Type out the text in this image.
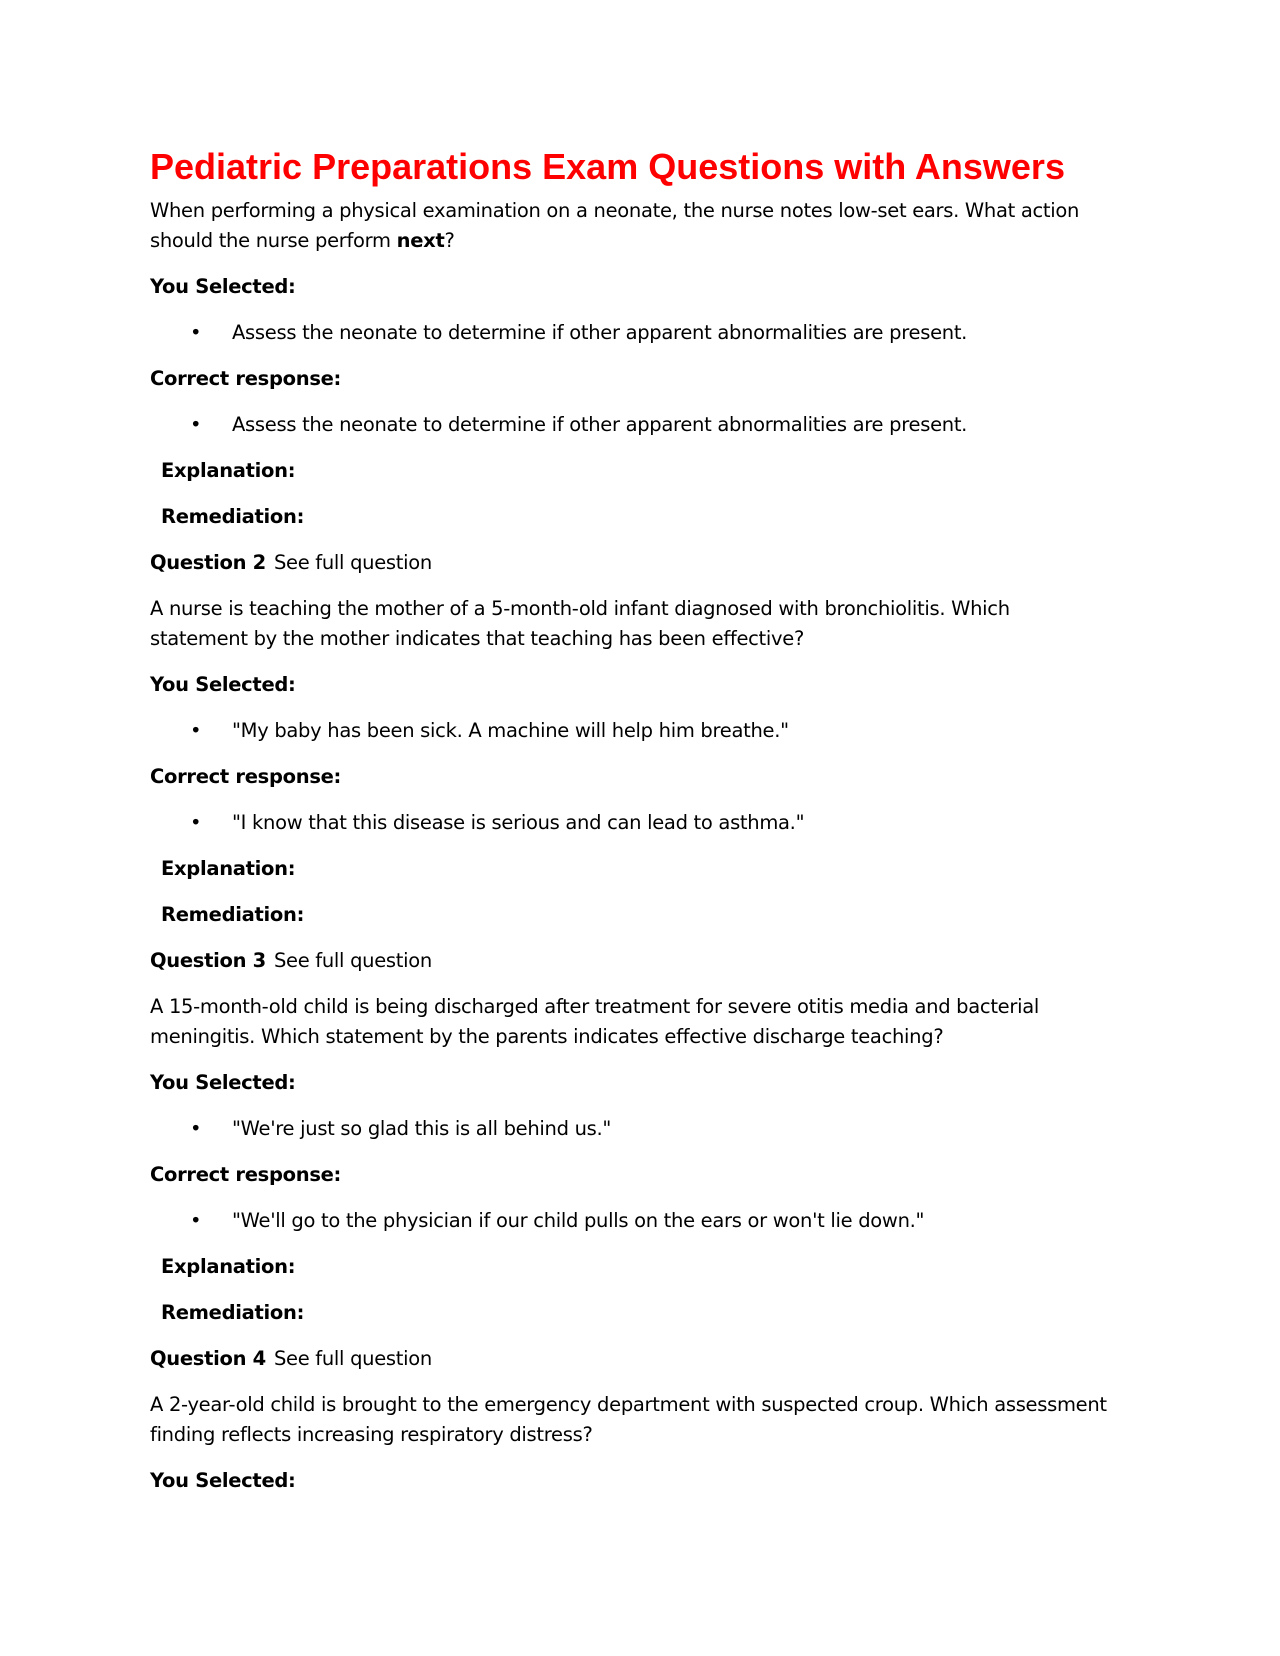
Pediatric Preparations Exam Questions with Answers

When performing a physical examination on a neonate, the nurse notes low-set ears. What action should the nurse perform next?

You Selected:

• Assess the neonate to determine if other apparent abnormalities are present.

Correct response:

• Assess the neonate to determine if other apparent abnormalities are present.

Explanation:

Remediation:

Question 2 See full question

A nurse is teaching the mother of a 5-month-old infant diagnosed with bronchiolitis. Which statement by the mother indicates that teaching has been effective?

You Selected:

• "My baby has been sick. A machine will help him breathe."

Correct response:

• "I know that this disease is serious and can lead to asthma."

Explanation:

Remediation:

Question 3 See full question

A 15-month-old child is being discharged after treatment for severe otitis media and bacterial meningitis. Which statement by the parents indicates effective discharge teaching?

You Selected:

• "We're just so glad this is all behind us."

Correct response:

• "We'll go to the physician if our child pulls on the ears or won't lie down."

Explanation:

Remediation:

Question 4 See full question

A 2-year-old child is brought to the emergency department with suspected croup. Which assessment finding reflects increasing respiratory distress?

You Selected:
